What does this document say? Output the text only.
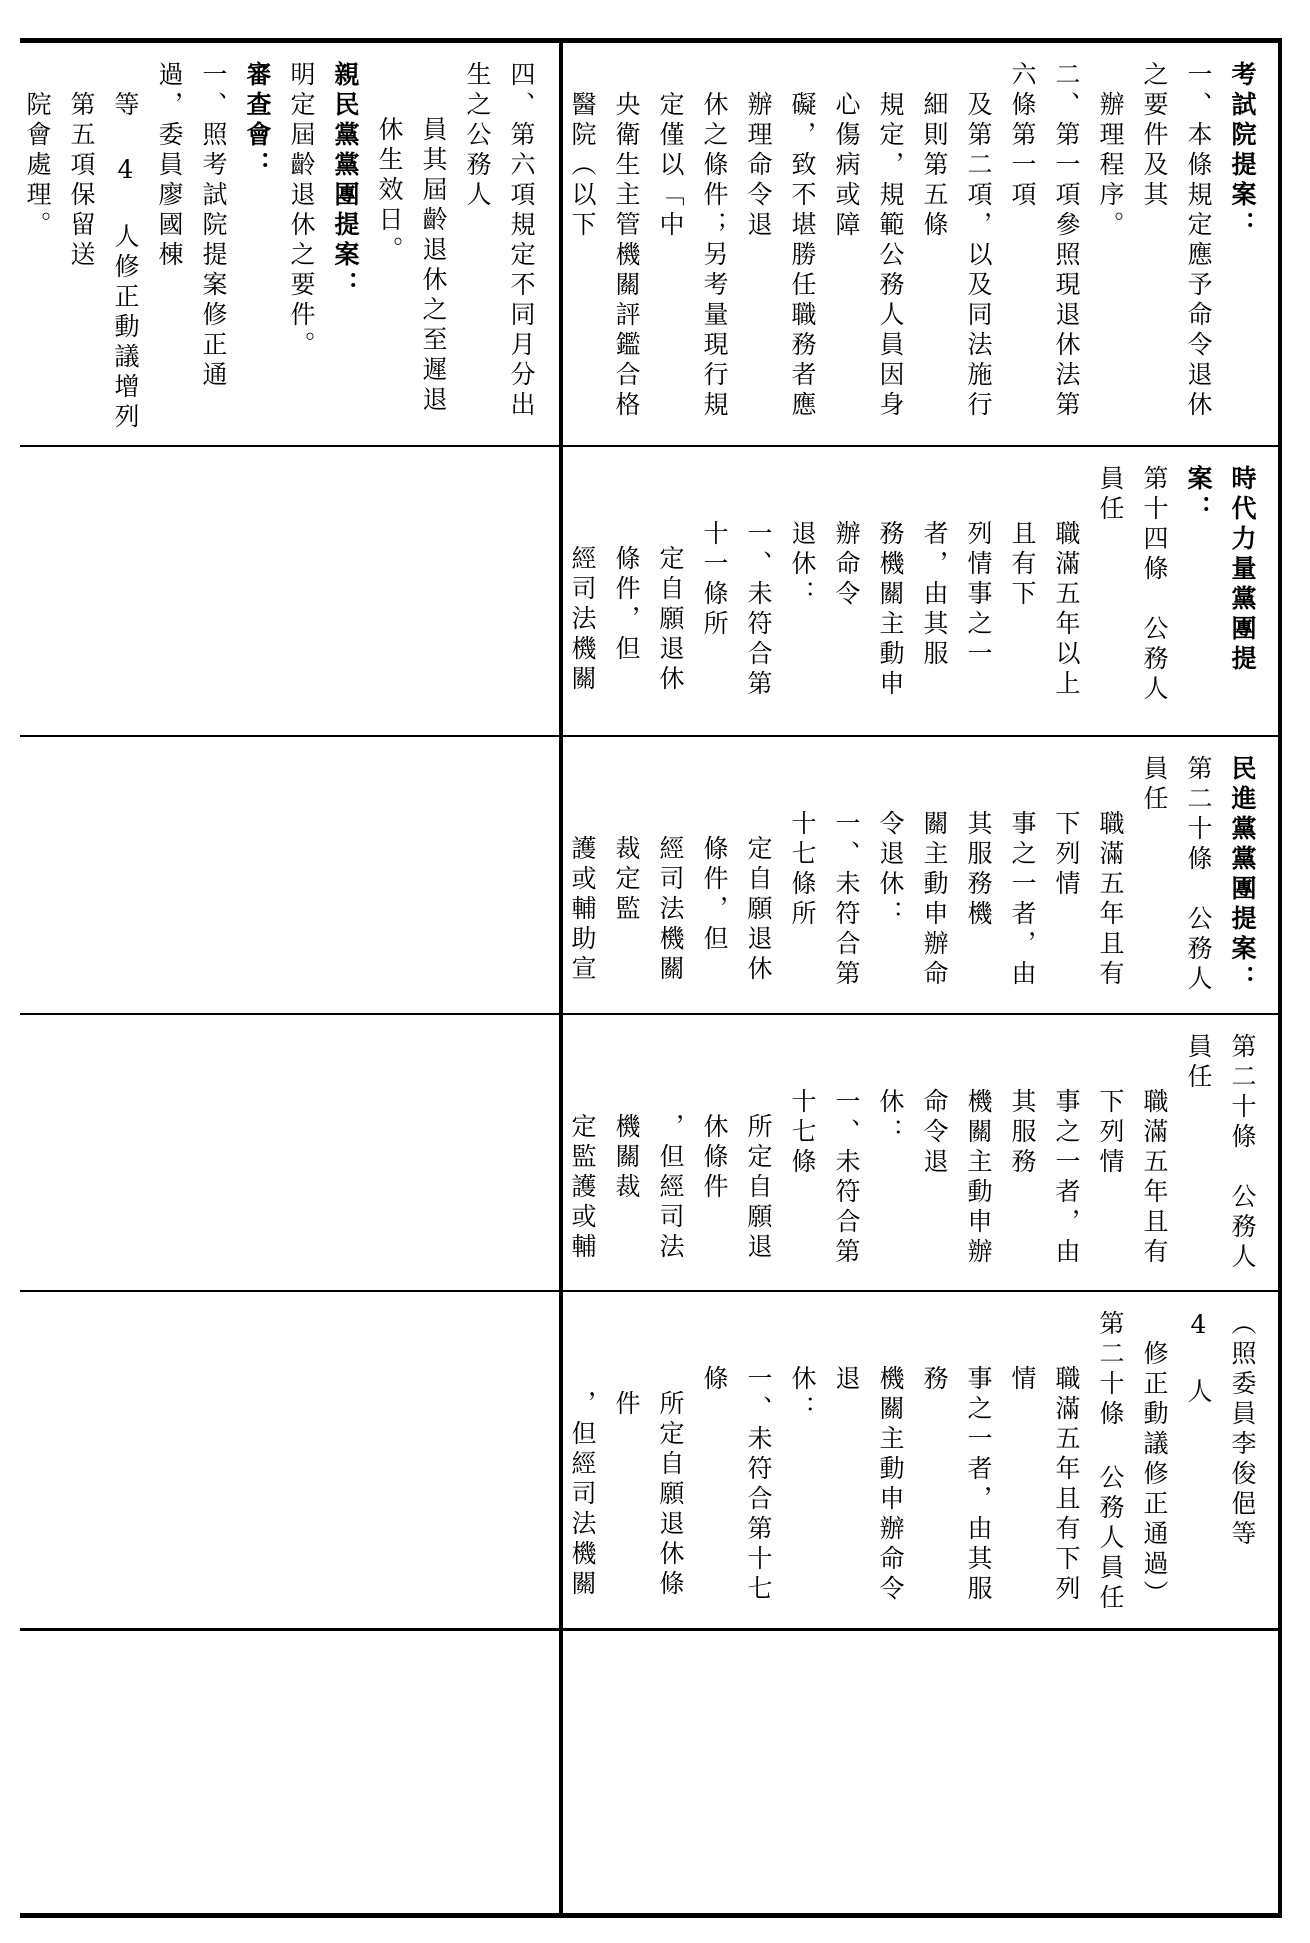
四、第六項規定不同月分出生之公務人

員其屆齡退休之至遲退休生效日。

親民黨黨團提案：

明定屆齡退休之要件。

審查會：

一、照考試院提案修正通過，委員廖國棟

等 4 人修正動議增列第五項保留送

院會處理。	考試院提案：

一、本條規定應予命令退休之要件及其

辦理程序。

二、第一項參照現退休法第六條第一項

及第二項，以及同法施行細則第五條

規定，規範公務人員因身心傷病或障

礙，致不堪勝任職務者應辦理命令退

休之條件；另考量現行規定僅以「中

央衛生主管機關評鑑合格醫院（以下

時代力量黨團提案：

第十四條　公務人員任

職滿五年以上且有下

列情事之一者，由其服

務機關主動申辦命令

退休：

一、未符合第十一條所

定自願退休條件，但

經司法機關

民進黨黨團提案：

第二十條　公務人員任

職滿五年且有下列情

事之一者，由其服務機

關主動申辦命令退休：

一、未符合第十七條所

定自願退休條件，但

經司法機關裁定監

護或輔助宣

第二十條　公務人員任

職滿五年且有下列情

事之一者，由其服務

機關主動申辦命令退

休：

一、未符合第十七條

所定自願退休條件

，但經司法機關裁

定監護或輔

（照委員李俊俋等 4 人

修正動議修正通過）

第二十條 公務人員任

職滿五年且有下列情

事之一者，由其服務

機關主動申辦命令退

休：

一、未符合第十七條

所定自願退休條件

，但經司法機關
